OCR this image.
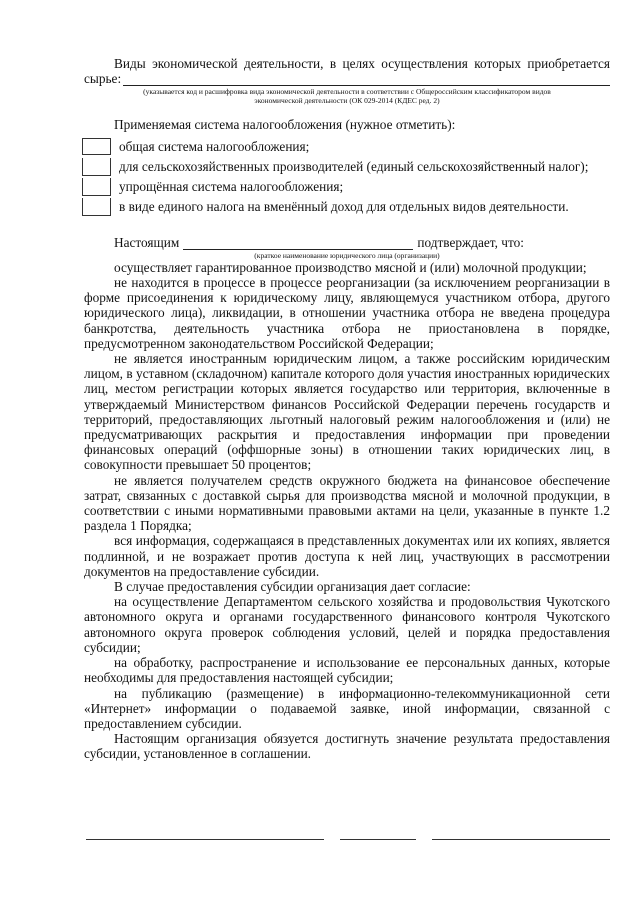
Виды экономической деятельности, в целях осуществления которых приобретается

сырье:

(указывается код и расшифровка вида экономической деятельности в соответствии с Общероссийским классификатором видов

экономической деятельности (ОК 029-2014 (КДЕС ред. 2)

Применяемая система налогообложения (нужное отметить):

общая система налогообложения;
для сельскохозяйственных производителей (единый сельскохозяйственный налог);
упрощённая система налогообложения;
в виде единого налога на вменённый доход для отдельных видов деятельности.
Настоящим	подтверждает, что:

(краткое наименование юридического лица (организации)

осуществляет гарантированное производство мясной и (или) молочной продукции;

не находится в процессе в процессе реорганизации (за исключением реорганизации в форме присоединения к юридическому лицу, являющемуся участником отбора, другого юридического лица), ликвидации, в отношении участника отбора не введена процедура банкротства, деятельность участника отбора не приостановлена в порядке, предусмотренном законодательством Российской Федерации;

не является иностранным юридическим лицом, а также российским юридическим лицом, в уставном (складочном) капитале которого доля участия иностранных юридических лиц, местом регистрации которых является государство или территория, включенные в утверждаемый Министерством финансов Российской Федерации перечень государств и территорий, предоставляющих льготный налоговый режим налогообложения и (или) не предусматривающих раскрытия и предоставления информации при проведении финансовых операций (оффшорные зоны) в отношении таких юридических лиц, в совокупности превышает 50 процентов;

не является получателем средств окружного бюджета на финансовое обеспечение затрат, связанных с доставкой сырья для производства мясной и молочной продукции, в соответствии с иными нормативными правовыми актами на цели, указанные в пункте 1.2 раздела 1 Порядка;

вся информация, содержащаяся в представленных документах или их копиях, является подлинной, и не возражает против доступа к ней лиц, участвующих в рассмотрении документов на предоставление субсидии.

В случае предоставления субсидии организация дает согласие:

на осуществление Департаментом сельского хозяйства и продовольствия Чукотского автономного округа и органами государственного финансового контроля Чукотского автономного округа проверок соблюдения условий, целей и порядка предоставления субсидии;

на обработку, распространение и использование ее персональных данных, которые необходимы для предоставления настоящей субсидии;

на публикацию (размещение) в информационно-телекоммуникационной сети «Интернет» информации о подаваемой заявке, иной информации, связанной с предоставлением субсидии.

Настоящим организация обязуется достигнуть значение результата предоставления субсидии, установленное в соглашении.
